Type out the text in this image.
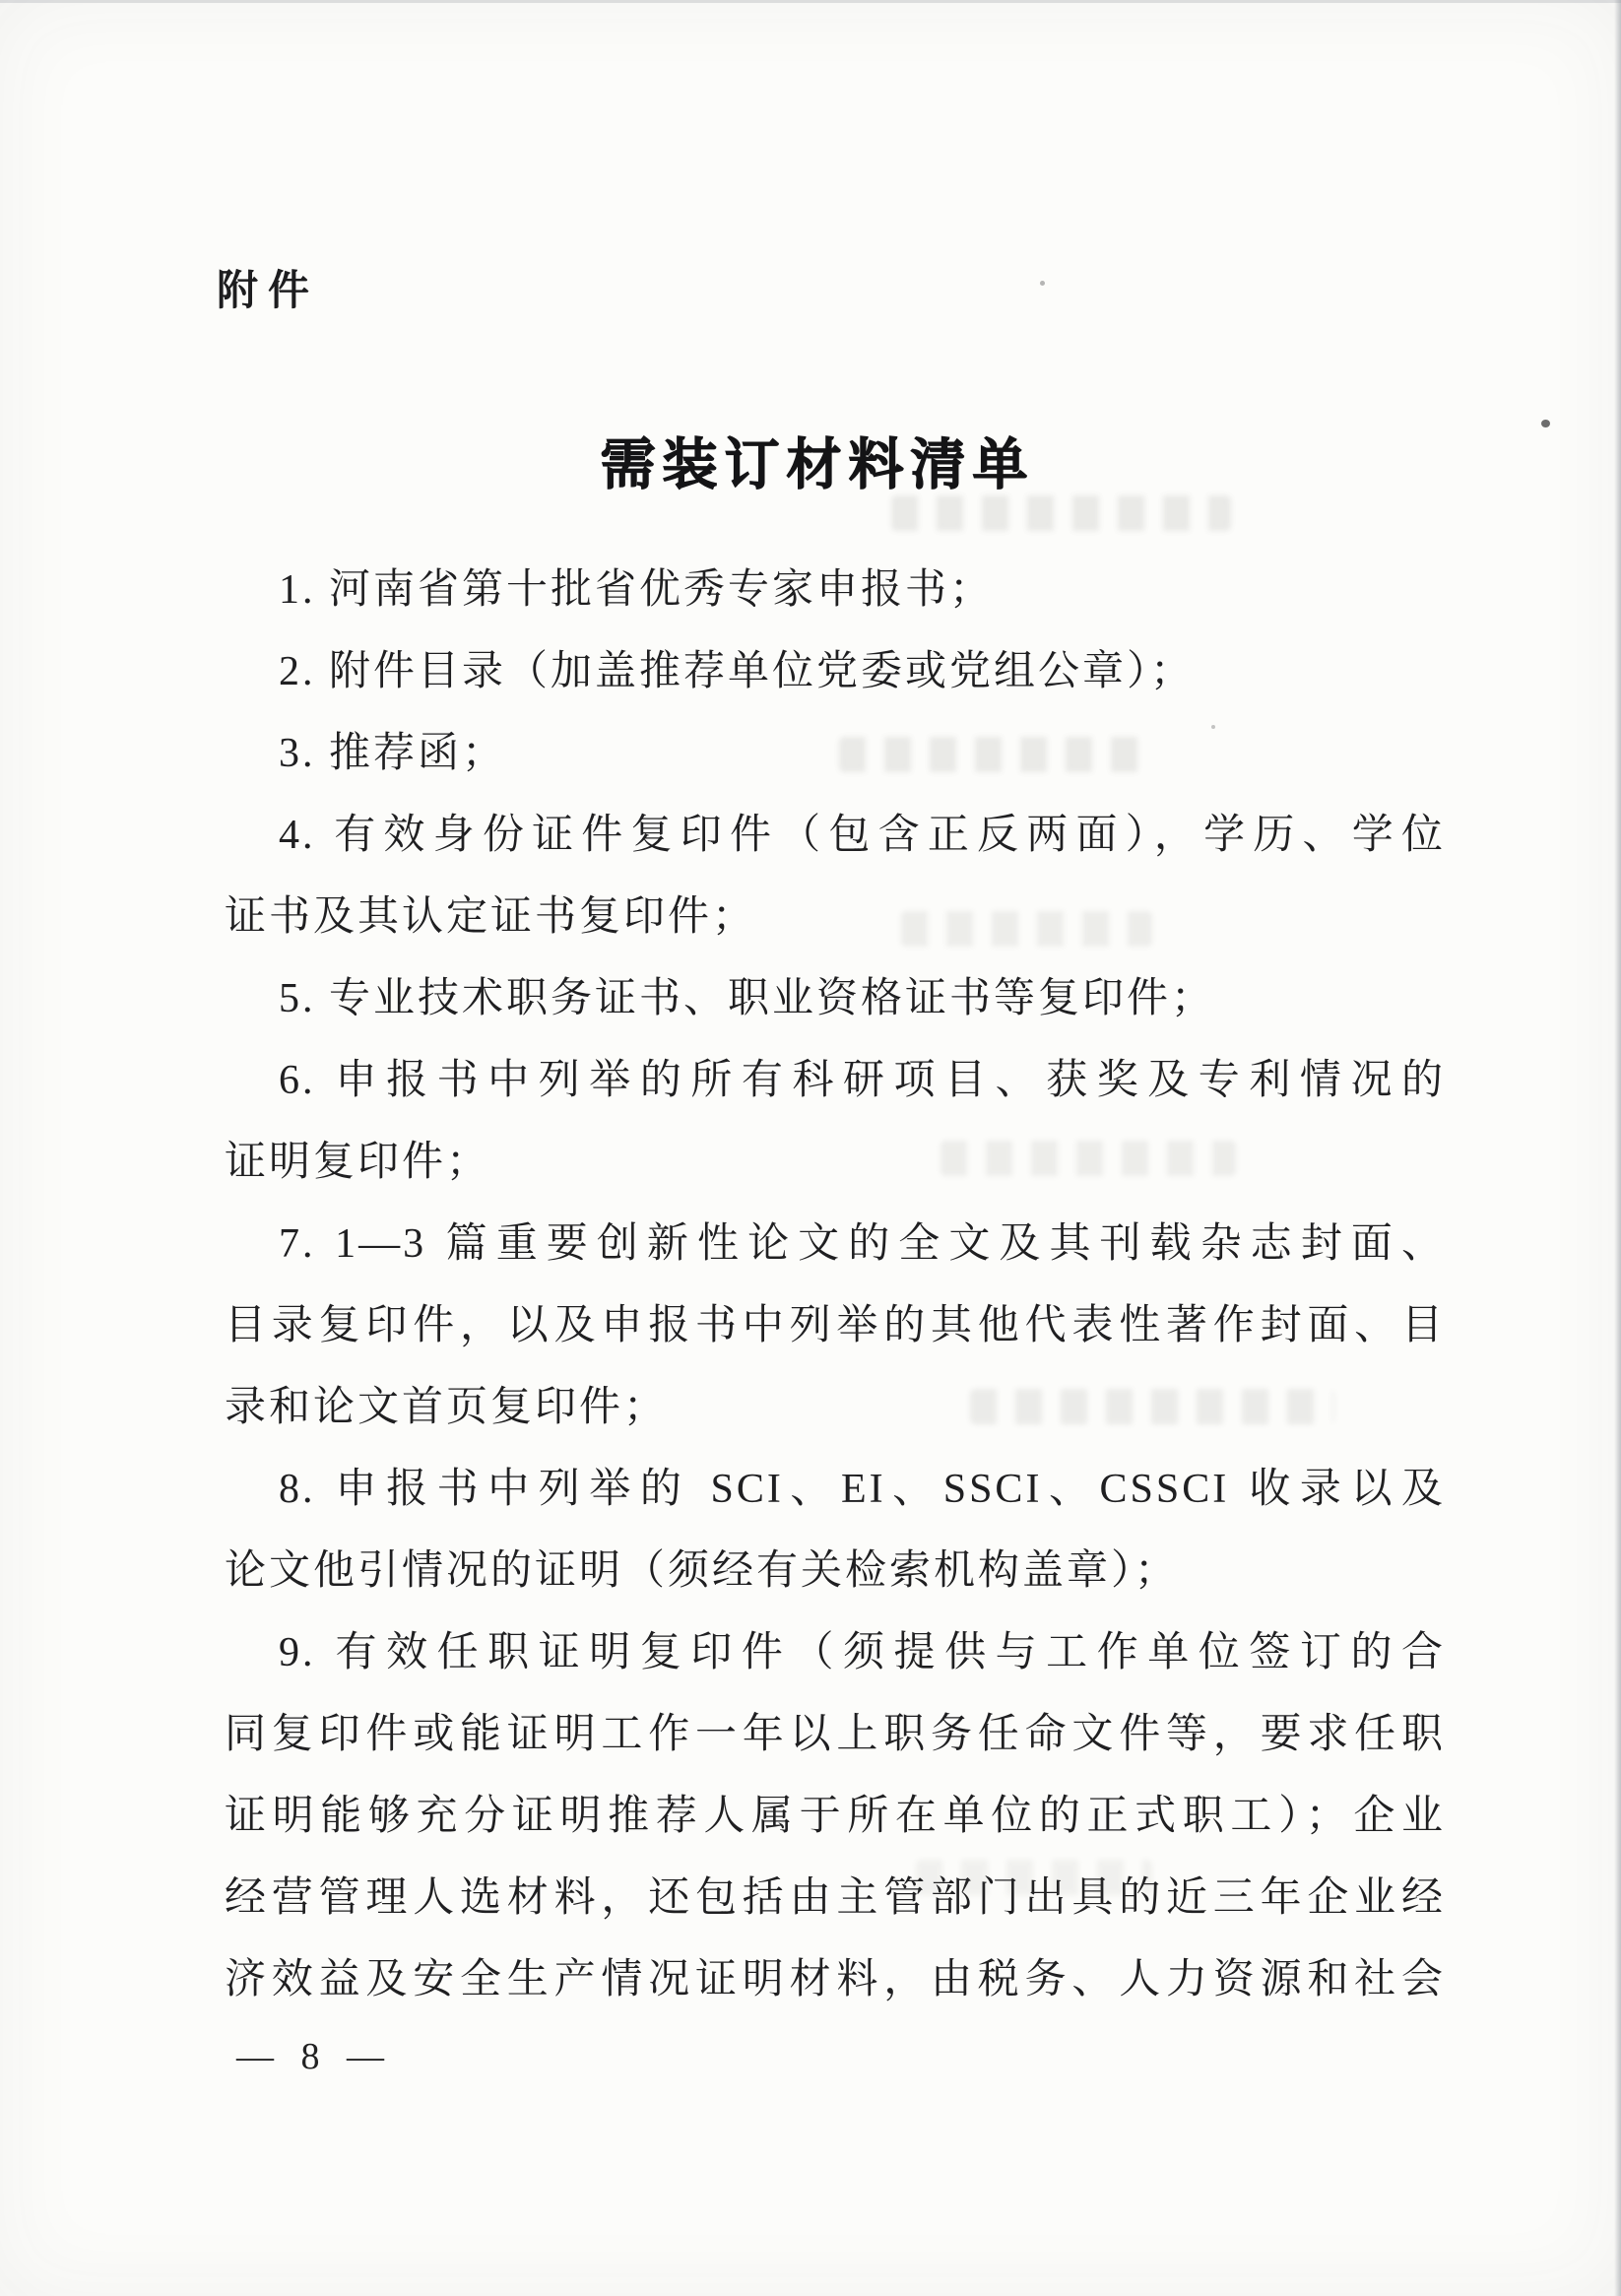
附件
需装订材料清单
1. 河南省第十批省优秀专家申报书；
2. 附件目录（加盖推荐单位党委或党组公章）；
3. 推荐函；
4. 有效身份证件复印件（包含正反两面），学历、学位
证书及其认定证书复印件；
5. 专业技术职务证书、职业资格证书等复印件；
6. 申报书中列举的所有科研项目、获奖及专利情况的
证明复印件；
7. 1—3 篇重要创新性论文的全文及其刊载杂志封面、
目录复印件，以及申报书中列举的其他代表性著作封面、目
录和论文首页复印件；
8. 申报书中列举的 SCI、EI、SSCI、CSSCI 收录以及
论文他引情况的证明（须经有关检索机构盖章）；
9. 有效任职证明复印件（须提供与工作单位签订的合
同复印件或能证明工作一年以上职务任命文件等，要求任职
证明能够充分证明推荐人属于所在单位的正式职工）；企业
经营管理人选材料，还包括由主管部门出具的近三年企业经
济效益及安全生产情况证明材料，由税务、人力资源和社会
— 8 —
